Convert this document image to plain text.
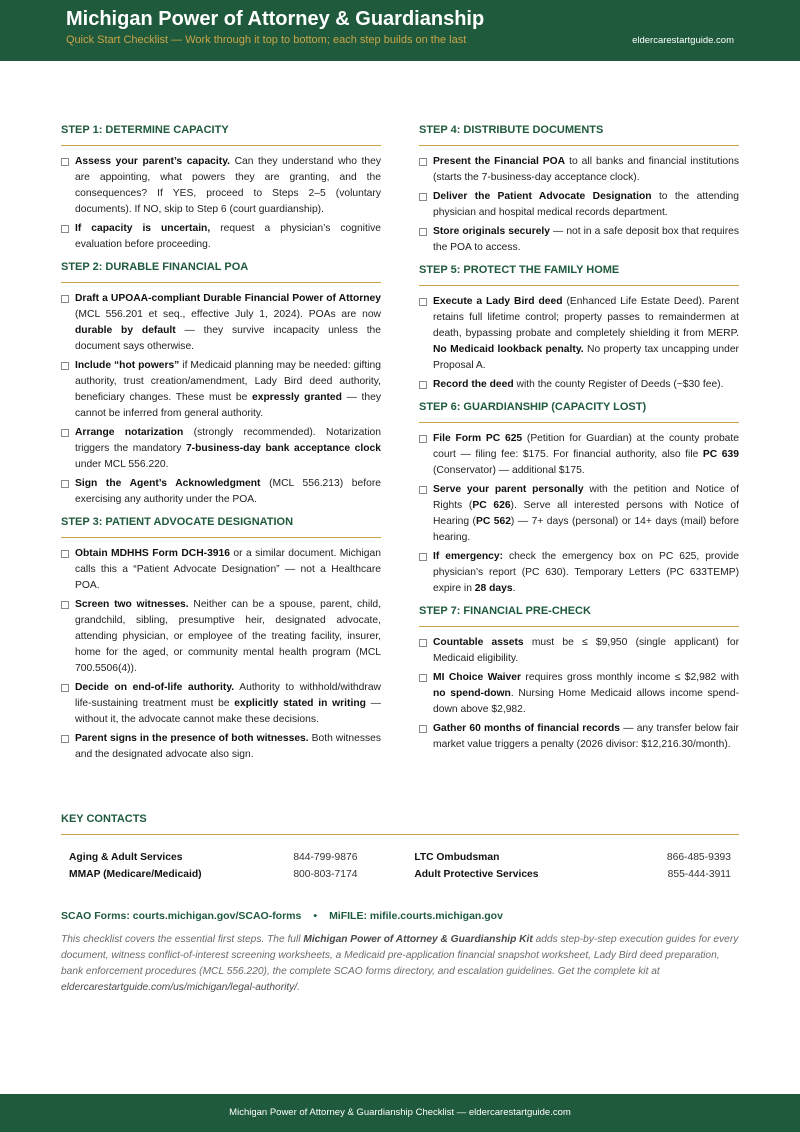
Michigan Power of Attorney & Guardianship
Quick Start Checklist — Work through it top to bottom; each step builds on the last	eldercarestartguide.com
STEP 1: DETERMINE CAPACITY
Assess your parent’s capacity. Can they understand who they are appointing, what powers they are granting, and the consequences? If YES, proceed to Steps 2–5 (voluntary documents). If NO, skip to Step 6 (court guardianship).
If capacity is uncertain, request a physician’s cognitive evaluation before proceeding.
STEP 2: DURABLE FINANCIAL POA
Draft a UPOAA-compliant Durable Financial Power of Attorney (MCL 556.201 et seq., effective July 1, 2024). POAs are now durable by default — they survive incapacity unless the document says otherwise.
Include “hot powers” if Medicaid planning may be needed: gifting authority, trust creation/amendment, Lady Bird deed authority, beneficiary changes. These must be expressly granted — they cannot be inferred from general authority.
Arrange notarization (strongly recommended). Notarization triggers the mandatory 7-business-day bank acceptance clock under MCL 556.220.
Sign the Agent’s Acknowledgment (MCL 556.213) before exercising any authority under the POA.
STEP 3: PATIENT ADVOCATE DESIGNATION
Obtain MDHHS Form DCH-3916 or a similar document. Michigan calls this a “Patient Advocate Designation” — not a Healthcare POA.
Screen two witnesses. Neither can be a spouse, parent, child, grandchild, sibling, presumptive heir, designated advocate, attending physician, or employee of the treating facility, insurer, home for the aged, or community mental health program (MCL 700.5506(4)).
Decide on end-of-life authority. Authority to withhold/withdraw life-sustaining treatment must be explicitly stated in writing — without it, the advocate cannot make these decisions.
Parent signs in the presence of both witnesses. Both witnesses and the designated advocate also sign.
STEP 4: DISTRIBUTE DOCUMENTS
Present the Financial POA to all banks and financial institutions (starts the 7-business-day acceptance clock).
Deliver the Patient Advocate Designation to the attending physician and hospital medical records department.
Store originals securely — not in a safe deposit box that requires the POA to access.
STEP 5: PROTECT THE FAMILY HOME
Execute a Lady Bird deed (Enhanced Life Estate Deed). Parent retains full lifetime control; property passes to remaindermen at death, bypassing probate and completely shielding it from MERP. No Medicaid lookback penalty. No property tax uncapping under Proposal A.
Record the deed with the county Register of Deeds (~$30 fee).
STEP 6: GUARDIANSHIP (CAPACITY LOST)
File Form PC 625 (Petition for Guardian) at the county probate court — filing fee: $175. For financial authority, also file PC 639 (Conservator) — additional $175.
Serve your parent personally with the petition and Notice of Rights (PC 626). Serve all interested persons with Notice of Hearing (PC 562) — 7+ days (personal) or 14+ days (mail) before hearing.
If emergency: check the emergency box on PC 625, provide physician’s report (PC 630). Temporary Letters (PC 633TEMP) expire in 28 days.
STEP 7: FINANCIAL PRE-CHECK
Countable assets must be ≤ $9,950 (single applicant) for Medicaid eligibility.
MI Choice Waiver requires gross monthly income ≤ $2,982 with no spend-down. Nursing Home Medicaid allows income spend-down above $2,982.
Gather 60 months of financial records — any transfer below fair market value triggers a penalty (2026 divisor: $12,216.30/month).
KEY CONTACTS
Aging & Adult Services	844-799-9876	LTC Ombudsman	866-485-9393
MMAP (Medicare/Medicaid)	800-803-7174	Adult Protective Services	855-444-3911
SCAO Forms: courts.michigan.gov/SCAO-forms • MiFILE: mifile.courts.michigan.gov
This checklist covers the essential first steps. The full Michigan Power of Attorney & Guardianship Kit adds step-by-step execution guides for every document, witness conflict-of-interest screening worksheets, a Medicaid pre-application financial snapshot worksheet, Lady Bird deed preparation, bank enforcement procedures (MCL 556.220), the complete SCAO forms directory, and escalation guidelines. Get the complete kit at eldercarestartguide.com/us/michigan/legal-authority/.
Michigan Power of Attorney & Guardianship Checklist — eldercarestartguide.com
